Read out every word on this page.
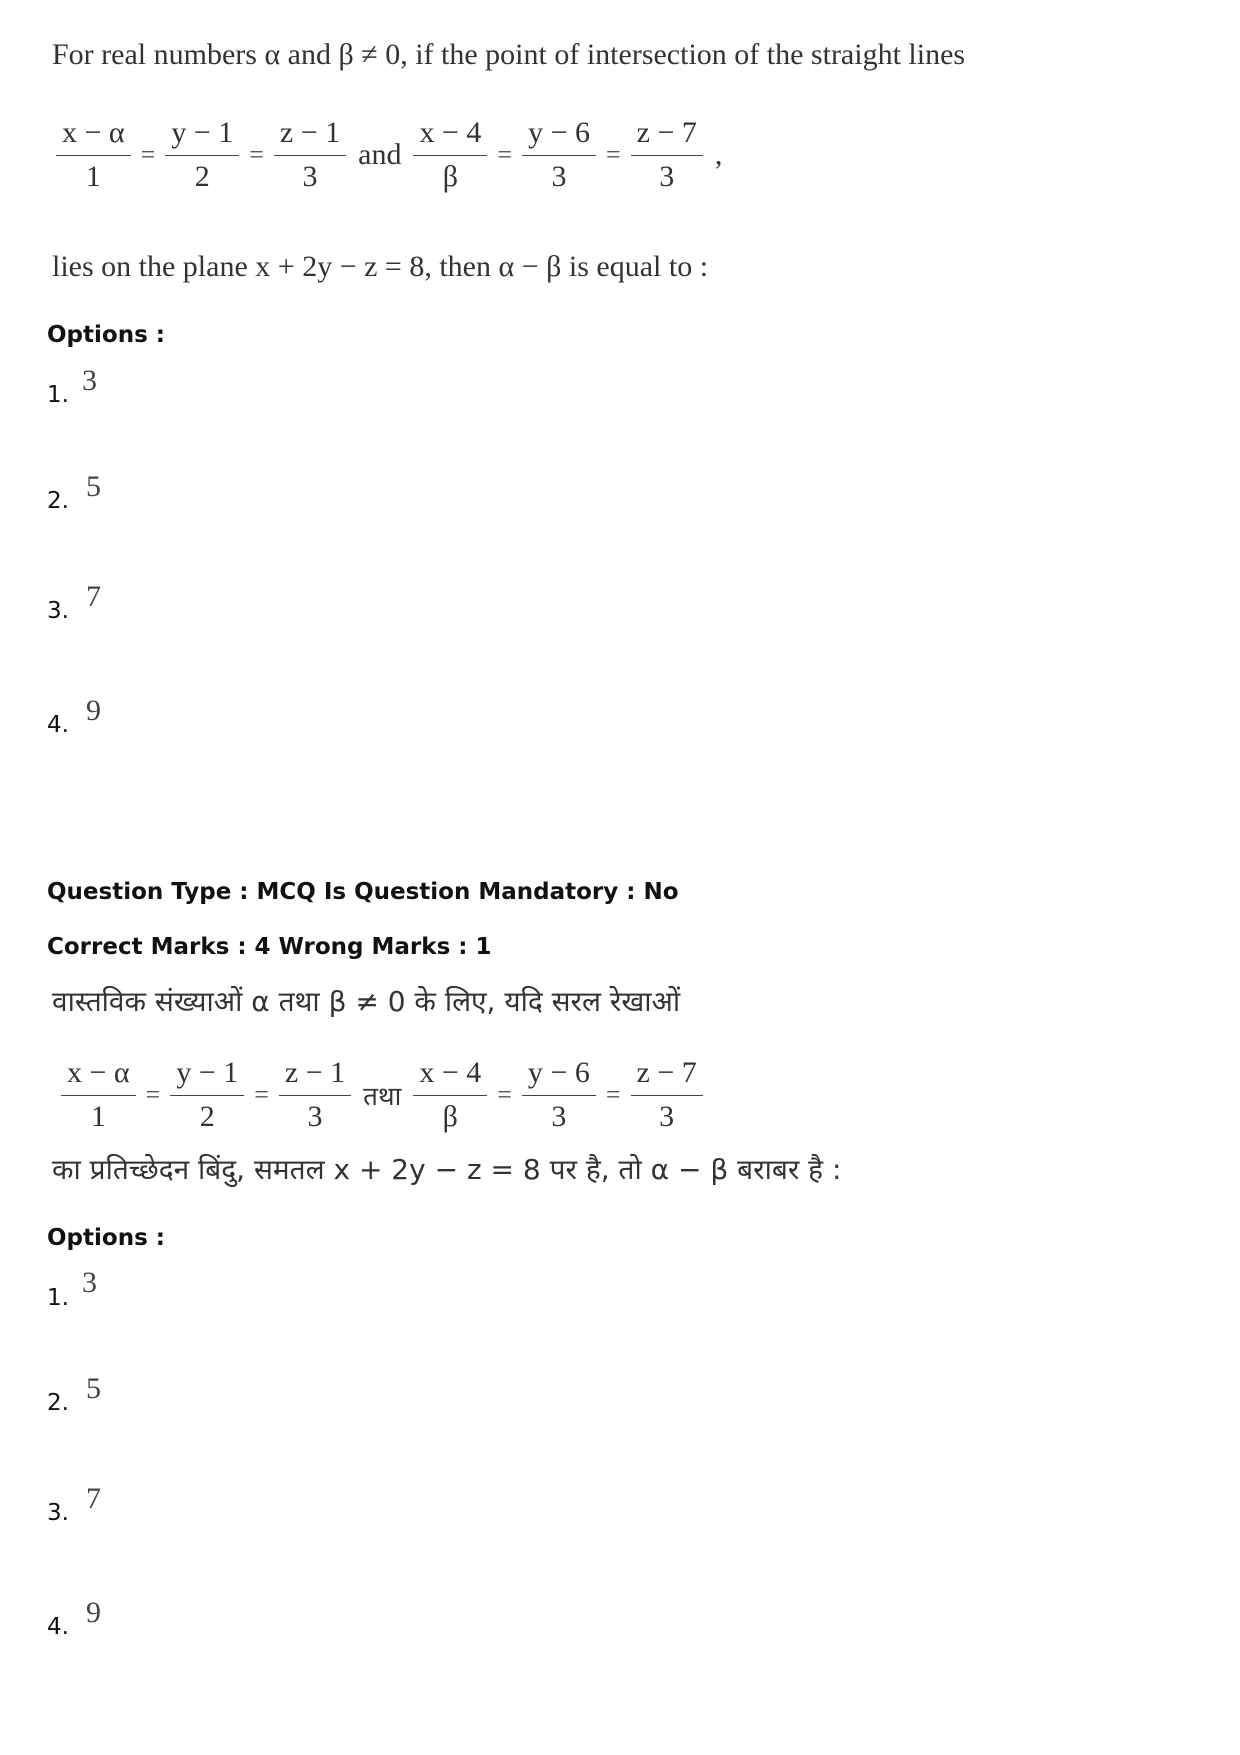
For real numbers α and β ≠ 0, if the point of intersection of the straight lines
$\frac{x - \alpha}{1} = \frac{y - 1}{2} = \frac{z - 1}{3}$ and $\frac{x - 4}{\beta} = \frac{y - 6}{3} = \frac{z - 7}{3}$ ,
lies on the plane x + 2y − z = 8, then α − β is equal to :
Options :
1. 3
2. 5
3. 7
4. 9
Question Type : MCQ Is Question Mandatory : No
Correct Marks : 4 Wrong Marks : 1
वास्तविक संख्याओं α तथा β ≠ 0 के लिए, यदि सरल रेखाओं
$\frac{x - \alpha}{1} = \frac{y - 1}{2} = \frac{z - 1}{3}$ तथा $\frac{x - 4}{\beta} = \frac{y - 6}{3} = \frac{z - 7}{3}$
का प्रतिच्छेदन बिंदु, समतल x + 2y − z = 8 पर है, तो α − β बराबर है :
Options :
1. 3
2. 5
3. 7
4. 9
